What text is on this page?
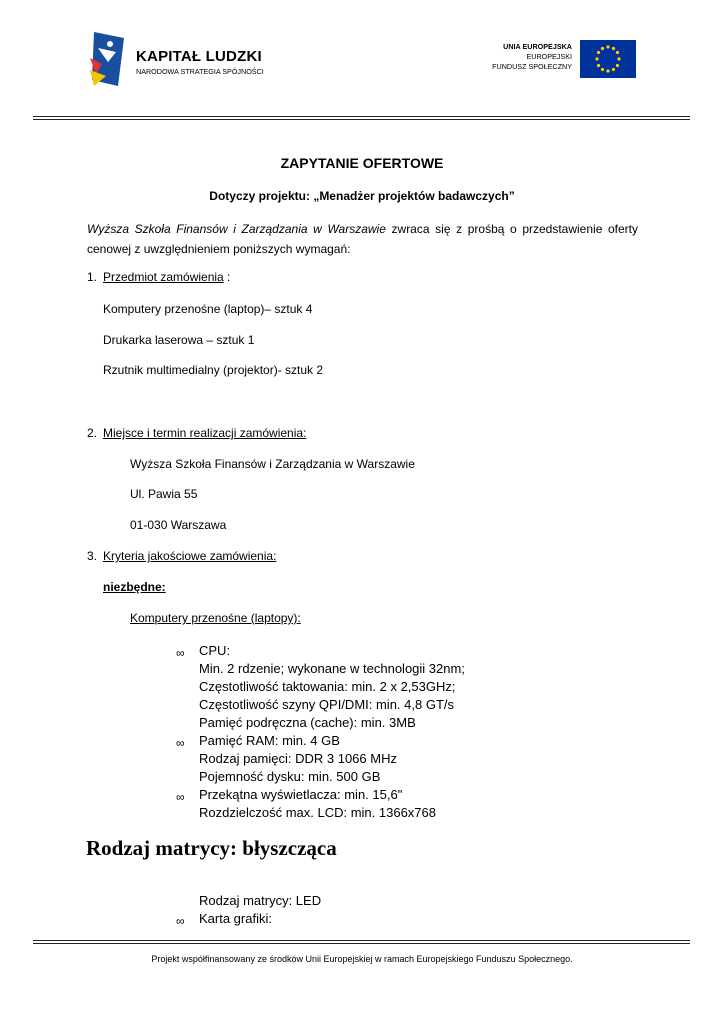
KAPITAŁ LUDZKI
NARODOWA STRATEGIA SPÓJNOŚCI
UNIA EUROPEJSKA
EUROPEJSKI
FUNDUSZ SPOŁECZNY
ZAPYTANIE OFERTOWE
Dotyczy projektu: „Menadżer projektów badawczych”
Wyższa Szkoła Finansów i Zarządzania w Warszawie zwraca się z prośbą o przedstawienie oferty cenowej z uwzględnieniem poniższych wymagań:
1. Przedmiot zamówienia :
Komputery przenośne (laptop)– sztuk 4
Drukarka laserowa – sztuk 1
Rzutnik multimedialny (projektor)- sztuk 2
2. Miejsce i termin realizacji zamówienia:
Wyższa Szkoła Finansów i Zarządzania w Warszawie
Ul. Pawia 55
01-030 Warszawa
3. Kryteria jakościowe zamówienia:
niezbędne:
Komputery przenośne (laptopy):
∞ CPU:
Min. 2 rdzenie; wykonane w technologii 32nm;
Częstotliwość taktowania: min. 2 x 2,53GHz;
Częstotliwość szyny QPI/DMI: min. 4,8 GT/s
Pamięć podręczna (cache): min. 3MB
∞ Pamięć RAM: min. 4 GB
Rodzaj pamięci: DDR 3 1066 MHz
Pojemność dysku: min. 500 GB
∞ Przekątna wyświetlacza: min. 15,6"
Rozdzielczość max. LCD: min. 1366x768
Rodzaj matrycy: błyszcząca
Rodzaj matrycy: LED
∞ Karta grafiki:
Projekt współfinansowany ze środków Unii Europejskiej w ramach Europejskiego Funduszu Społecznego.
